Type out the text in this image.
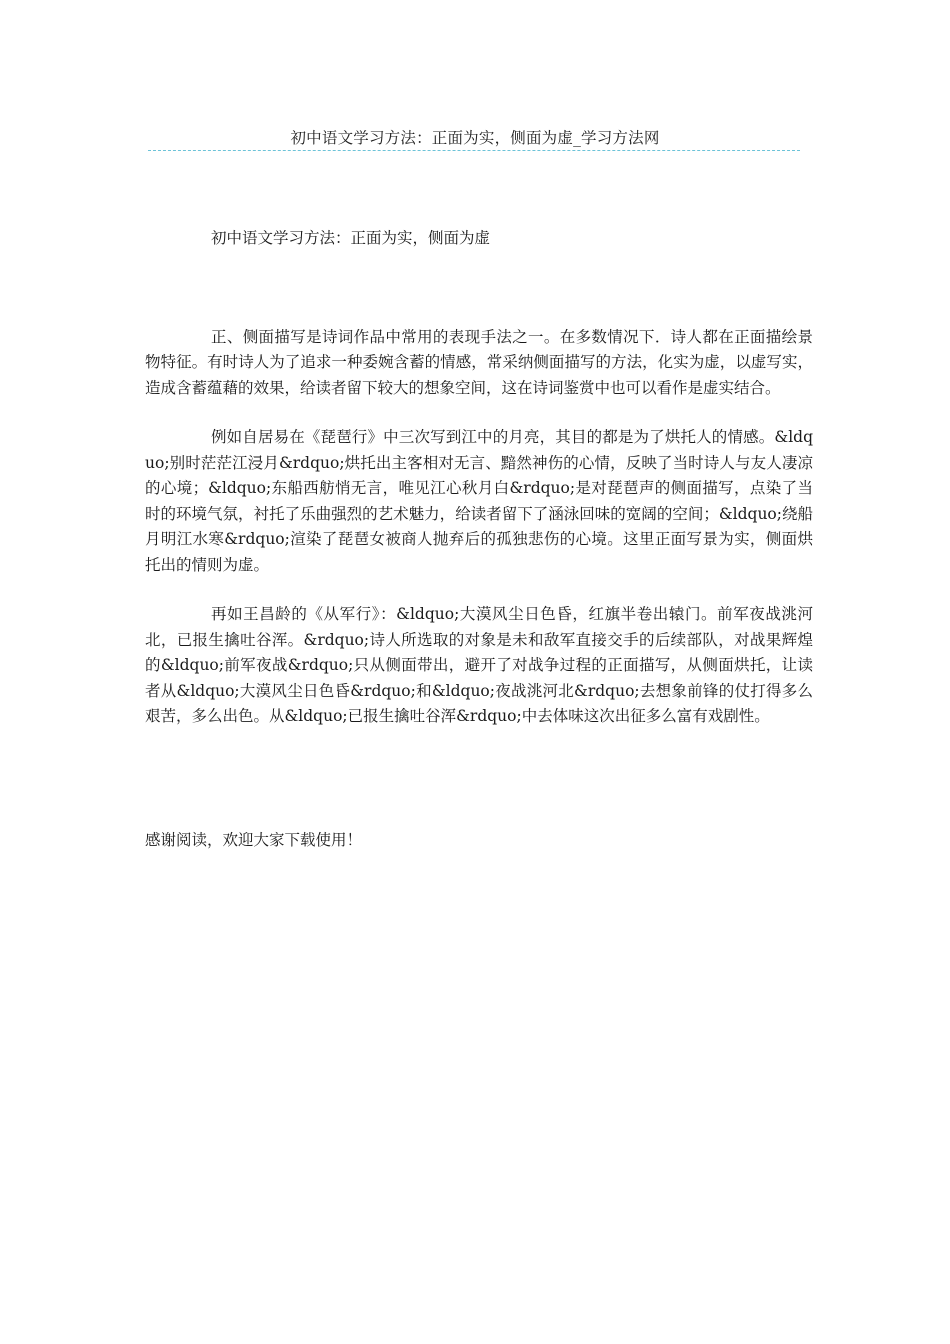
初中语文学习方法：正面为实，侧面为虚_学习方法网

初中语文学习方法：正面为实，侧面为虚

正、侧面描写是诗词作品中常用的表现手法之一。在多数情况下．诗人都在正面描绘景物特征。有时诗人为了追求一种委婉含蓄的情感，常采纳侧面描写的方法，化实为虚，以虚写实，造成含蓄蕴藉的效果，给读者留下较大的想象空间，这在诗词鉴赏中也可以看作是虚实结合。

例如自居易在《琵琶行》中三次写到江中的月亮，其目的都是为了烘托人的情感。&ldquo;别时茫茫江浸月&rdquo;烘托出主客相对无言、黯然神伤的心情，反映了当时诗人与友人凄凉的心境；&ldquo;东船西舫悄无言，唯见江心秋月白&rdquo;是对琵琶声的侧面描写，点染了当时的环境气氛，衬托了乐曲强烈的艺术魅力，给读者留下了涵泳回味的宽阔的空间；&ldquo;绕船月明江水寒&rdquo;渲染了琵琶女被商人抛弃后的孤独悲伤的心境。这里正面写景为实，侧面烘托出的情则为虚。

再如王昌龄的《从军行》：&ldquo;大漠风尘日色昏，红旗半卷出辕门。前军夜战洮河北，已报生擒吐谷浑。&rdquo;诗人所选取的对象是未和敌军直接交手的后续部队，对战果辉煌的&ldquo;前军夜战&rdquo;只从侧面带出，避开了对战争过程的正面描写，从侧面烘托，让读者从&ldquo;大漠风尘日色昏&rdquo;和&ldquo;夜战洮河北&rdquo;去想象前锋的仗打得多么艰苦，多么出色。从&ldquo;已报生擒吐谷浑&rdquo;中去体味这次出征多么富有戏剧性。

感谢阅读，欢迎大家下载使用！
